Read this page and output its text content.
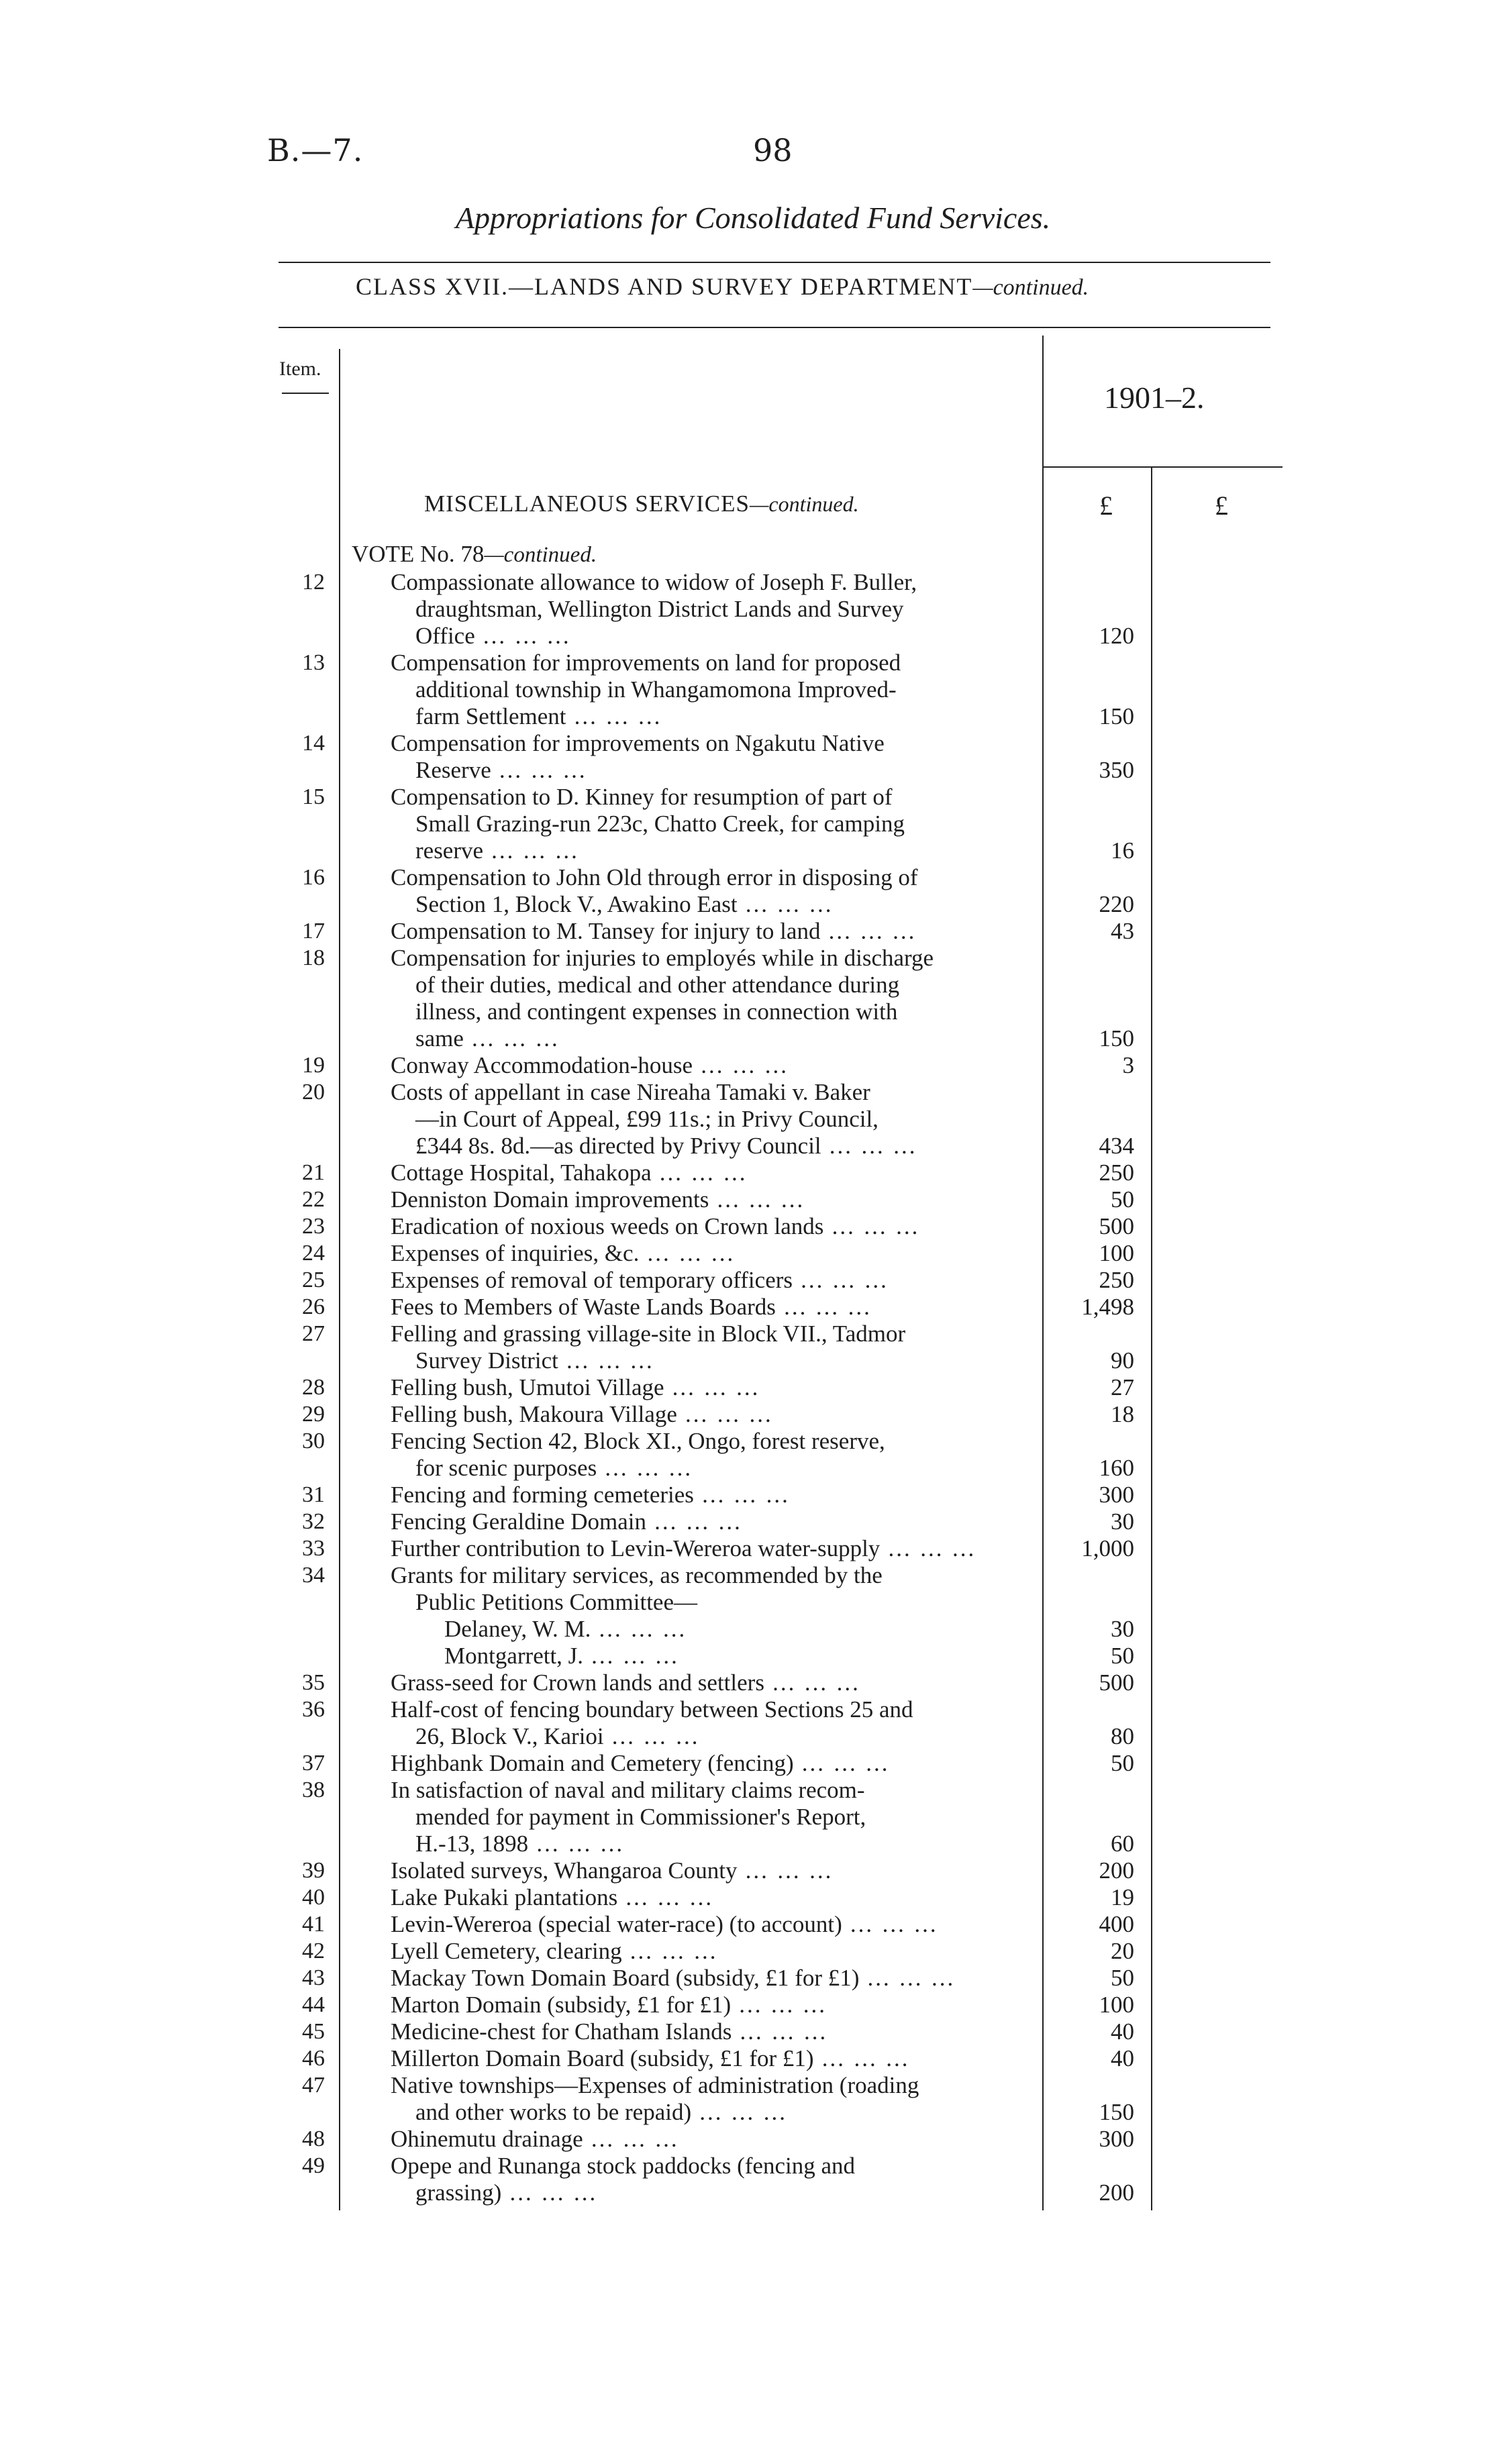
B.—7.	98
Appropriations for Consolidated Fund Services.
CLASS XVII.—LANDS AND SURVEY DEPARTMENT—continued.
Item.
1901–2.
MISCELLANEOUS SERVICES—continued.	£	£
VOTE No. 78—continued.
12	Compassionate allowance to widow of Joseph F. Buller,
draughtsman, Wellington District Lands and Survey
Office … … …	120
13	Compensation for improvements on land for proposed
additional township in Whangamomona Improved-
farm Settlement … … …	150
14	Compensation for improvements on Ngakutu Native
Reserve … … …	350
15	Compensation to D. Kinney for resumption of part of
Small Grazing-run 223c, Chatto Creek, for camping
reserve … … …	16
16	Compensation to John Old through error in disposing of
Section 1, Block V., Awakino East … … …	220
17	Compensation to M. Tansey for injury to land … … …	43
18	Compensation for injuries to employés while in discharge
of their duties, medical and other attendance during
illness, and contingent expenses in connection with
same … … …	150
19	Conway Accommodation-house … … …	3
20	Costs of appellant in case Nireaha Tamaki v. Baker
—in Court of Appeal, £99 11s.; in Privy Council,
£344 8s. 8d.—as directed by Privy Council … … …	434
21	Cottage Hospital, Tahakopa … … …	250
22	Denniston Domain improvements … … …	50
23	Eradication of noxious weeds on Crown lands … … …	500
24	Expenses of inquiries, &c. … … …	100
25	Expenses of removal of temporary officers … … …	250
26	Fees to Members of Waste Lands Boards … … …	1,498
27	Felling and grassing village-site in Block VII., Tadmor
Survey District … … …	90
28	Felling bush, Umutoi Village … … …	27
29	Felling bush, Makoura Village … … …	18
30	Fencing Section 42, Block XI., Ongo, forest reserve,
for scenic purposes … … …	160
31	Fencing and forming cemeteries … … …	300
32	Fencing Geraldine Domain … … …	30
33	Further contribution to Levin-Wereroa water-supply … … …	1,000
34	Grants for military services, as recommended by the
Public Petitions Committee—
Delaney, W. M. … … …	30
Montgarrett, J. … … …	50
35	Grass-seed for Crown lands and settlers … … …	500
36	Half-cost of fencing boundary between Sections 25 and
26, Block V., Karioi … … …	80
37	Highbank Domain and Cemetery (fencing) … … …	50
38	In satisfaction of naval and military claims recom-
mended for payment in Commissioner's Report,
H.-13, 1898 … … …	60
39	Isolated surveys, Whangaroa County … … …	200
40	Lake Pukaki plantations … … …	19
41	Levin-Wereroa (special water-race) (to account) … … …	400
42	Lyell Cemetery, clearing … … …	20
43	Mackay Town Domain Board (subsidy, £1 for £1) … … …	50
44	Marton Domain (subsidy, £1 for £1) … … …	100
45	Medicine-chest for Chatham Islands … … …	40
46	Millerton Domain Board (subsidy, £1 for £1) … … …	40
47	Native townships—Expenses of administration (roading
and other works to be repaid) … … …	150
48	Ohinemutu drainage … … …	300
49	Opepe and Runanga stock paddocks (fencing and
grassing) … … …	200
